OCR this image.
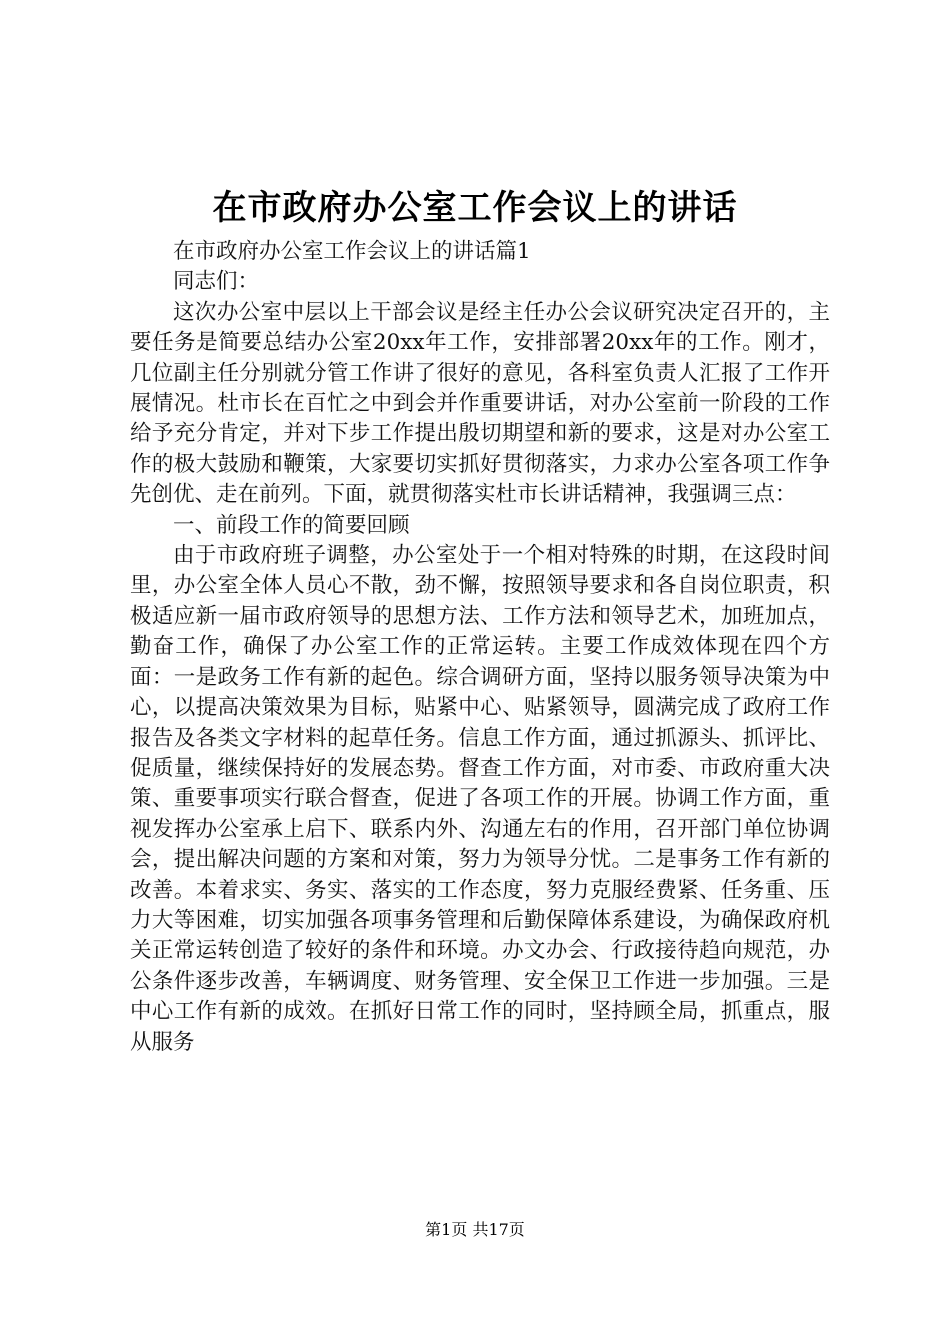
在市政府办公室工作会议上的讲话

在市政府办公室工作会议上的讲话篇1

同志们：

这次办公室中层以上干部会议是经主任办公会议研究决定召开的，主要任务是简要总结办公室20xx年工作，安排部署20xx年的工作。刚才，几位副主任分别就分管工作讲了很好的意见，各科室负责人汇报了工作开展情况。杜市长在百忙之中到会并作重要讲话，对办公室前一阶段的工作给予充分肯定，并对下步工作提出殷切期望和新的要求，这是对办公室工作的极大鼓励和鞭策，大家要切实抓好贯彻落实，力求办公室各项工作争先创优、走在前列。下面，就贯彻落实杜市长讲话精神，我强调三点：

一、前段工作的简要回顾

由于市政府班子调整，办公室处于一个相对特殊的时期，在这段时间里，办公室全体人员心不散，劲不懈，按照领导要求和各自岗位职责，积极适应新一届市政府领导的思想方法、工作方法和领导艺术，加班加点，勤奋工作，确保了办公室工作的正常运转。主要工作成效体现在四个方面：一是政务工作有新的起色。综合调研方面，坚持以服务领导决策为中心，以提高决策效果为目标，贴紧中心、贴紧领导，圆满完成了政府工作报告及各类文字材料的起草任务。信息工作方面，通过抓源头、抓评比、促质量，继续保持好的发展态势。督查工作方面，对市委、市政府重大决策、重要事项实行联合督查，促进了各项工作的开展。协调工作方面，重视发挥办公室承上启下、联系内外、沟通左右的作用，召开部门单位协调会，提出解决问题的方案和对策，努力为领导分忧。二是事务工作有新的改善。本着求实、务实、落实的工作态度，努力克服经费紧、任务重、压力大等困难，切实加强各项事务管理和后勤保障体系建设，为确保政府机关正常运转创造了较好的条件和环境。办文办会、行政接待趋向规范，办公条件逐步改善，车辆调度、财务管理、安全保卫工作进一步加强。三是中心工作有新的成效。在抓好日常工作的同时，坚持顾全局，抓重点，服从服务

第1页 共17页
